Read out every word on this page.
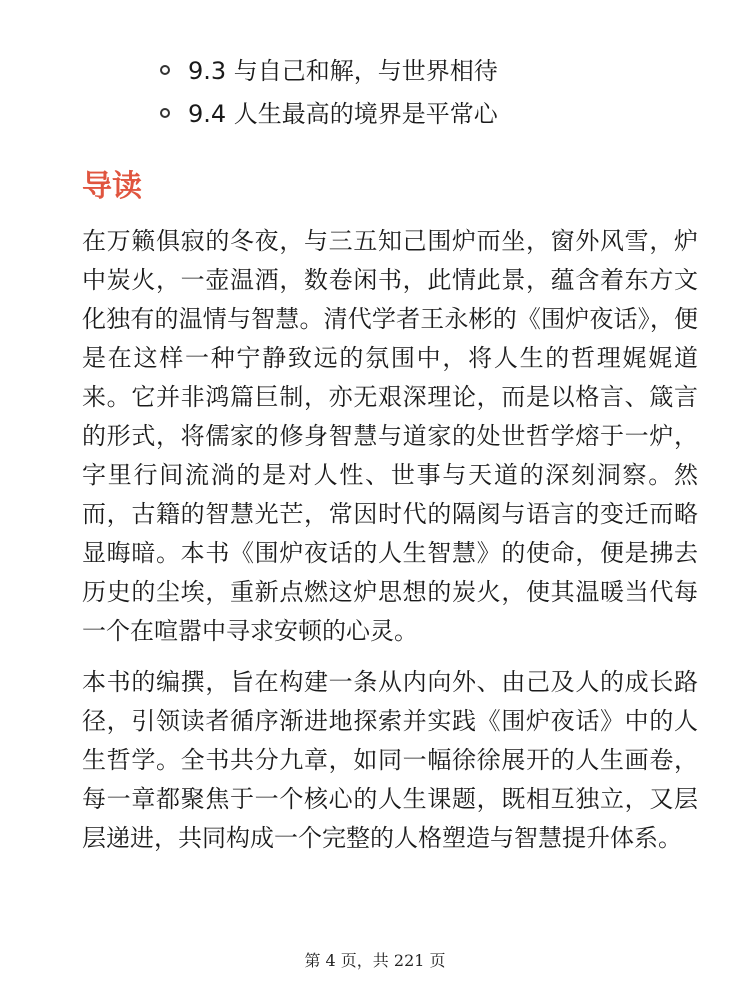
9.3 与自己和解，与世界相待
9.4 人生最高的境界是平常心
导读

在万籁俱寂的冬夜，与三五知己围炉而坐，窗外风雪，炉中炭火，一壶温酒，数卷闲书，此情此景，蕴含着东方文化独有的温情与智慧。清代学者王永彬的《围炉夜话》，便是在这样一种宁静致远的氛围中，将人生的哲理娓娓道来。它并非鸿篇巨制，亦无艰深理论，而是以格言、箴言的形式，将儒家的修身智慧与道家的处世哲学熔于一炉，字里行间流淌的是对人性、世事与天道的深刻洞察。然而，古籍的智慧光芒，常因时代的隔阂与语言的变迁而略显晦暗。本书《围炉夜话的人生智慧》的使命，便是拂去历史的尘埃，重新点燃这炉思想的炭火，使其温暖当代每一个在喧嚣中寻求安顿的心灵。

本书的编撰，旨在构建一条从内向外、由己及人的成长路径，引领读者循序渐进地探索并实践《围炉夜话》中的人生哲学。全书共分九章，如同一幅徐徐展开的人生画卷，每一章都聚焦于一个核心的人生课题，既相互独立，又层层递进，共同构成一个完整的人格塑造与智慧提升体系。

第 4 页，共 221 页
